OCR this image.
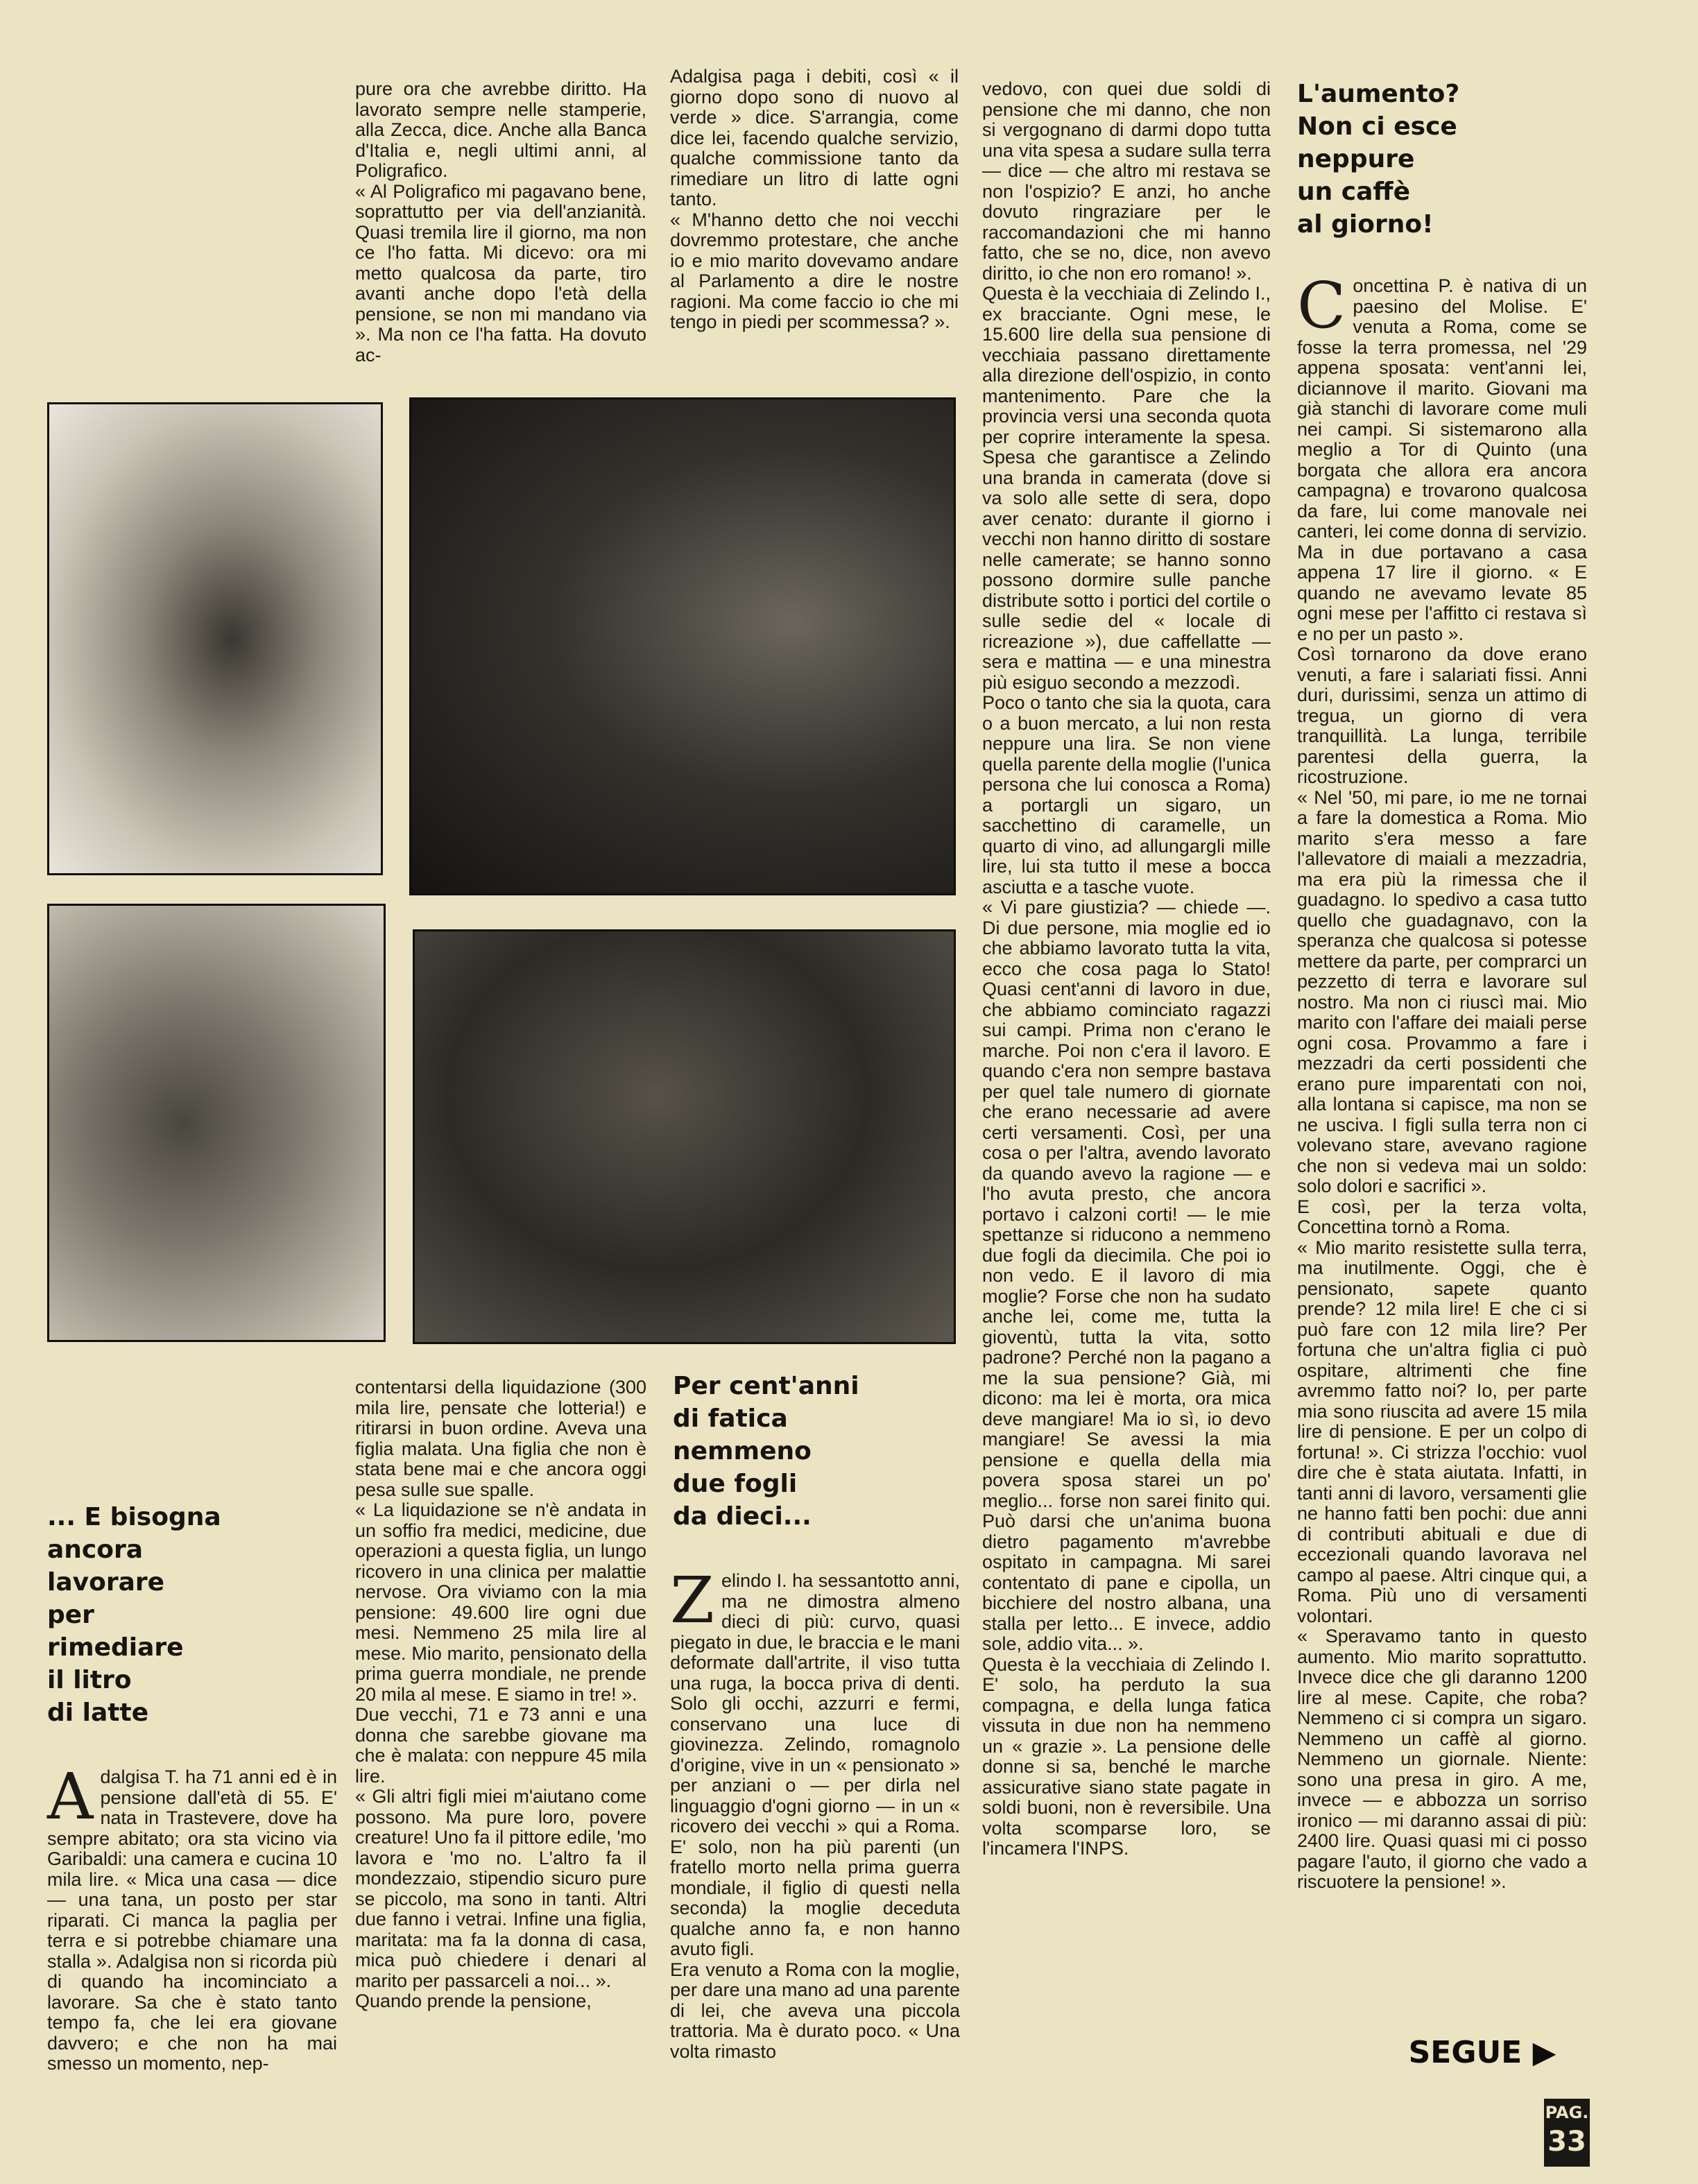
L'aumento?
Non ci esce
neppure
un caffè
al giorno!
... E bisogna
ancora
lavorare
per
rimediare
il litro
di latte
Per cent'anni
di fatica
nemmeno
due fogli
da dieci...
pure ora che avrebbe diritto. Ha lavorato sempre nelle stamperie, alla Zecca, dice. Anche alla Banca d'Italia e, negli ultimi anni, al Poligrafico.
« Al Poligrafico mi pagavano bene, soprattutto per via dell'anzianità. Quasi tremila lire il giorno, ma non ce l'ho fatta. Mi dicevo: ora mi metto qualcosa da parte, tiro avanti anche dopo l'età della pensione, se non mi mandano via ». Ma non ce l'ha fatta. Ha dovuto ac-
Adalgisa paga i debiti, così « il giorno dopo sono di nuovo al verde » dice. S'arrangia, come dice lei, facendo qualche servizio, qualche commissione tanto da rimediare un litro di latte ogni tanto.
« M'hanno detto che noi vecchi dovremmo protestare, che anche io e mio marito dovevamo andare al Parlamento a dire le nostre ragioni. Ma come faccio io che mi tengo in piedi per scommessa? ».
Adalgisa T. ha 71 anni ed è in pensione dall'età di 55. E' nata in Trastevere, dove ha sempre abitato; ora sta vicino via Garibaldi: una camera e cucina 10 mila lire. « Mica una casa — dice — una tana, un posto per star riparati. Ci manca la paglia per terra e si potrebbe chiamare una stalla ». Adalgisa non si ricorda più di quando ha incominciato a lavorare. Sa che è stato tanto tempo fa, che lei era giovane davvero; e che non ha mai smesso un momento, nep-
contentarsi della liquidazione (300 mila lire, pensate che lotteria!) e ritirarsi in buon ordine. Aveva una figlia malata. Una figlia che non è stata bene mai e che ancora oggi pesa sulle sue spalle.
« La liquidazione se n'è andata in un soffio fra medici, medicine, due operazioni a questa figlia, un lungo ricovero in una clinica per malattie nervose. Ora viviamo con la mia pensione: 49.600 lire ogni due mesi. Nemmeno 25 mila lire al mese. Mio marito, pensionato della prima guerra mondiale, ne prende 20 mila al mese. E siamo in tre! ».
Due vecchi, 71 e 73 anni e una donna che sarebbe giovane ma che è malata: con neppure 45 mila lire.
« Gli altri figli miei m'aiutano come possono. Ma pure loro, povere creature! Uno fa il pittore edile, 'mo lavora e 'mo no. L'altro fa il mondezzaio, stipendio sicuro pure se piccolo, ma sono in tanti. Altri due fanno i vetrai. Infine una figlia, maritata: ma fa la donna di casa, mica può chiedere i denari al marito per passarceli a noi... ».
Quando prende la pensione,
Zelindo I. ha sessantotto anni, ma ne dimostra almeno dieci di più: curvo, quasi piegato in due, le braccia e le mani deformate dall'artrite, il viso tutta una ruga, la bocca priva di denti. Solo gli occhi, azzurri e fermi, conservano una luce di giovinezza. Zelindo, romagnolo d'origine, vive in un « pensionato » per anziani o — per dirla nel linguaggio d'ogni giorno — in un « ricovero dei vecchi » qui a Roma. E' solo, non ha più parenti (un fratello morto nella prima guerra mondiale, il figlio di questi nella seconda) la moglie deceduta qualche anno fa, e non hanno avuto figli.
Era venuto a Roma con la moglie, per dare una mano ad una parente di lei, che aveva una piccola trattoria. Ma è durato poco. « Una volta rimasto
vedovo, con quei due soldi di pensione che mi danno, che non si vergognano di darmi dopo tutta una vita spesa a sudare sulla terra — dice — che altro mi restava se non l'ospizio? E anzi, ho anche dovuto ringraziare per le raccomandazioni che mi hanno fatto, che se no, dice, non avevo diritto, io che non ero romano! ».
Questa è la vecchiaia di Zelindo I., ex bracciante. Ogni mese, le 15.600 lire della sua pensione di vecchiaia passano direttamente alla direzione dell'ospizio, in conto mantenimento. Pare che la provincia versi una seconda quota per coprire interamente la spesa. Spesa che garantisce a Zelindo una branda in camerata (dove si va solo alle sette di sera, dopo aver cenato: durante il giorno i vecchi non hanno diritto di sostare nelle camerate; se hanno sonno possono dormire sulle panche distribute sotto i portici del cortile o sulle sedie del « locale di ricreazione »), due caffellatte — sera e mattina — e una minestra più esiguo secondo a mezzodì.
Poco o tanto che sia la quota, cara o a buon mercato, a lui non resta neppure una lira. Se non viene quella parente della moglie (l'unica persona che lui conosca a Roma) a portargli un sigaro, un sacchettino di caramelle, un quarto di vino, ad allungargli mille lire, lui sta tutto il mese a bocca asciutta e a tasche vuote.
« Vi pare giustizia? — chiede —. Di due persone, mia moglie ed io che abbiamo lavorato tutta la vita, ecco che cosa paga lo Stato! Quasi cent'anni di lavoro in due, che abbiamo cominciato ragazzi sui campi. Prima non c'erano le marche. Poi non c'era il lavoro. E quando c'era non sempre bastava per quel tale numero di giornate che erano necessarie ad avere certi versamenti. Così, per una cosa o per l'altra, avendo lavorato da quando avevo la ragione — e l'ho avuta presto, che ancora portavo i calzoni corti! — le mie spettanze si riducono a nemmeno due fogli da diecimila. Che poi io non vedo. E il lavoro di mia moglie? Forse che non ha sudato anche lei, come me, tutta la gioventù, tutta la vita, sotto padrone? Perché non la pagano a me la sua pensione? Già, mi dicono: ma lei è morta, ora mica deve mangiare! Ma io sì, io devo mangiare! Se avessi la mia pensione e quella della mia povera sposa starei un po' meglio... forse non sarei finito qui. Può darsi che un'anima buona dietro pagamento m'avrebbe ospitato in campagna. Mi sarei contentato di pane e cipolla, un bicchiere del nostro albana, una stalla per letto... E invece, addio sole, addio vita... ».
Questa è la vecchiaia di Zelindo I. E' solo, ha perduto la sua compagna, e della lunga fatica vissuta in due non ha nemmeno un « grazie ». La pensione delle donne si sa, benché le marche assicurative siano state pagate in soldi buoni, non è reversibile. Una volta scomparse loro, se l'incamera l'INPS.
Concettina P. è nativa di un paesino del Molise. E' venuta a Roma, come se fosse la terra promessa, nel '29 appena sposata: vent'anni lei, diciannove il marito. Giovani ma già stanchi di lavorare come muli nei campi. Si sistemarono alla meglio a Tor di Quinto (una borgata che allora era ancora campagna) e trovarono qualcosa da fare, lui come manovale nei canteri, lei come donna di servizio. Ma in due portavano a casa appena 17 lire il giorno. « E quando ne avevamo levate 85 ogni mese per l'affitto ci restava sì e no per un pasto ».
Così tornarono da dove erano venuti, a fare i salariati fissi. Anni duri, durissimi, senza un attimo di tregua, un giorno di vera tranquillità. La lunga, terribile parentesi della guerra, la ricostruzione.
« Nel '50, mi pare, io me ne tornai a fare la domestica a Roma. Mio marito s'era messo a fare l'allevatore di maiali a mezzadria, ma era più la rimessa che il guadagno. Io spedivo a casa tutto quello che guadagnavo, con la speranza che qualcosa si potesse mettere da parte, per comprarci un pezzetto di terra e lavorare sul nostro. Ma non ci riuscì mai. Mio marito con l'affare dei maiali perse ogni cosa. Provammo a fare i mezzadri da certi possidenti che erano pure imparentati con noi, alla lontana si capisce, ma non se ne usciva. I figli sulla terra non ci volevano stare, avevano ragione che non si vedeva mai un soldo: solo dolori e sacrifici ».
E così, per la terza volta, Concettina tornò a Roma.
« Mio marito resistette sulla terra, ma inutilmente. Oggi, che è pensionato, sapete quanto prende? 12 mila lire! E che ci si può fare con 12 mila lire? Per fortuna che un'altra figlia ci può ospitare, altrimenti che fine avremmo fatto noi? Io, per parte mia sono riuscita ad avere 15 mila lire di pensione. E per un colpo di fortuna! ». Ci strizza l'occhio: vuol dire che è stata aiutata. Infatti, in tanti anni di lavoro, versamenti glie ne hanno fatti ben pochi: due anni di contributi abituali e due di eccezionali quando lavorava nel campo al paese. Altri cinque qui, a Roma. Più uno di versamenti volontari.
« Speravamo tanto in questo aumento. Mio marito soprattutto. Invece dice che gli daranno 1200 lire al mese. Capite, che roba? Nemmeno ci si compra un sigaro. Nemmeno un caffè al giorno. Nemmeno un giornale. Niente: sono una presa in giro. A me, invece — e abbozza un sorriso ironico — mi daranno assai di più: 2400 lire. Quasi quasi mi ci posso pagare l'auto, il giorno che vado a riscuotere la pensione! ».
SEGUE ▶
PAG.
33
